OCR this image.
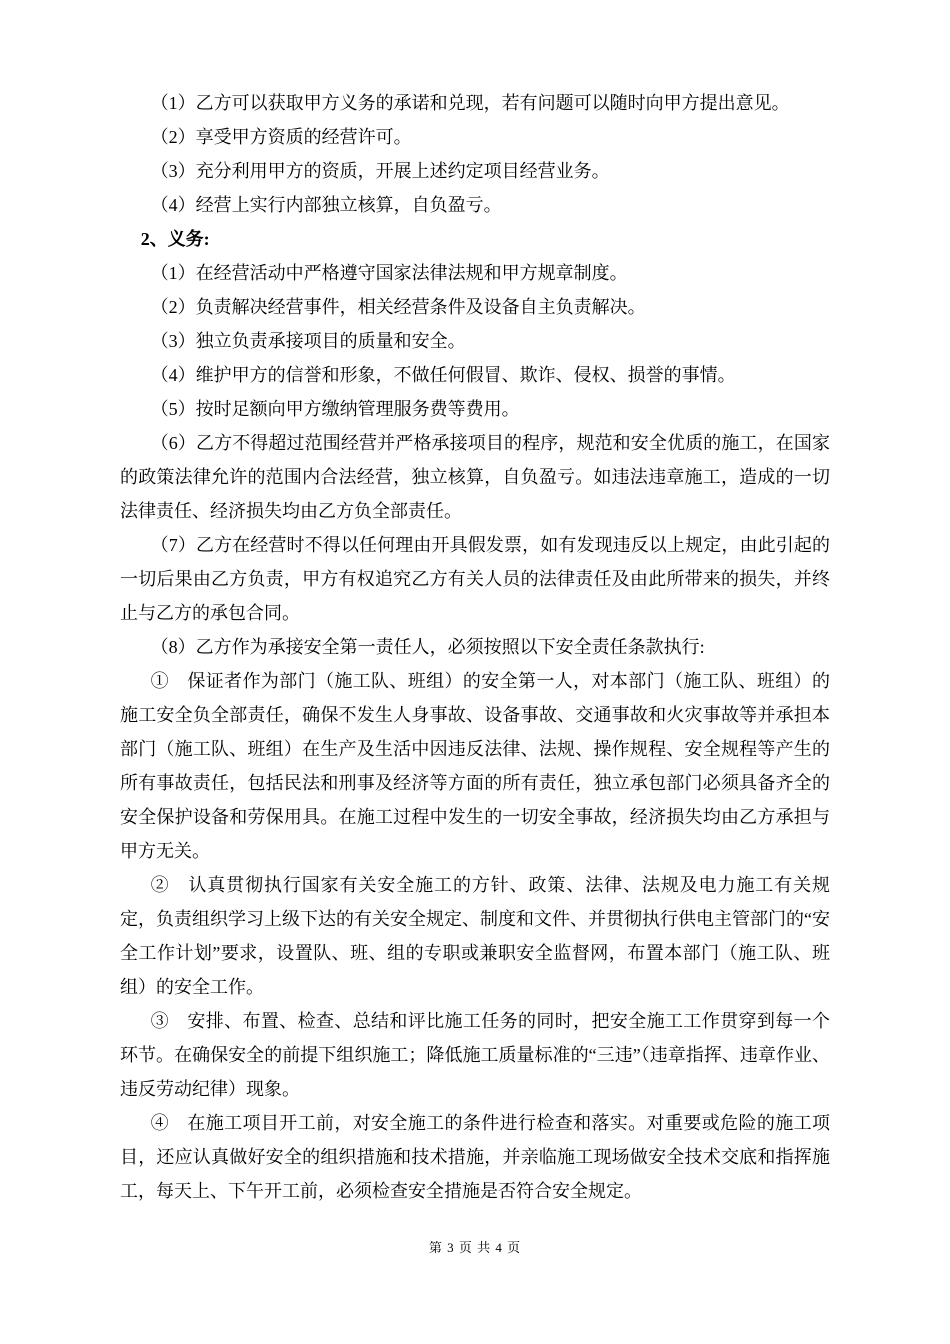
（1）乙方可以获取甲方义务的承诺和兑现，若有问题可以随时向甲方提出意见。

（2）享受甲方资质的经营许可。

（3）充分利用甲方的资质，开展上述约定项目经营业务。

（4）经营上实行内部独立核算，自负盈亏。

2、义务:

（1）在经营活动中严格遵守国家法律法规和甲方规章制度。

（2）负责解决经营事件，相关经营条件及设备自主负责解决。

（3）独立负责承接项目的质量和安全。

（4）维护甲方的信誉和形象，不做任何假冒、欺诈、侵权、损誉的事情。

（5）按时足额向甲方缴纳管理服务费等费用。

（6）乙方不得超过范围经营并严格承接项目的程序，规范和安全优质的施工，在国家的政策法律允许的范围内合法经营，独立核算，自负盈亏。如违法违章施工，造成的一切法律责任、经济损失均由乙方负全部责任。

（7）乙方在经营时不得以任何理由开具假发票，如有发现违反以上规定，由此引起的一切后果由乙方负责，甲方有权追究乙方有关人员的法律责任及由此所带来的损失，并终止与乙方的承包合同。

（8）乙方作为承接安全第一责任人，必须按照以下安全责任条款执行:

①　保证者作为部门（施工队、班组）的安全第一人，对本部门（施工队、班组）的施工安全负全部责任，确保不发生人身事故、设备事故、交通事故和火灾事故等并承担本部门（施工队、班组）在生产及生活中因违反法律、法规、操作规程、安全规程等产生的所有事故责任，包括民法和刑事及经济等方面的所有责任，独立承包部门必须具备齐全的安全保护设备和劳保用具。在施工过程中发生的一切安全事故，经济损失均由乙方承担与甲方无关。

②　认真贯彻执行国家有关安全施工的方针、政策、法律、法规及电力施工有关规定，负责组织学习上级下达的有关安全规定、制度和文件、并贯彻执行供电主管部门的“安全工作计划”要求，设置队、班、组的专职或兼职安全监督网，布置本部门（施工队、班组）的安全工作。

③　安排、布置、检查、总结和评比施工任务的同时，把安全施工工作贯穿到每一个环节。在确保安全的前提下组织施工；降低施工质量标准的“三违”（违章指挥、违章作业、违反劳动纪律）现象。

④　在施工项目开工前，对安全施工的条件进行检查和落实。对重要或危险的施工项目，还应认真做好安全的组织措施和技术措施，并亲临施工现场做安全技术交底和指挥施工，每天上、下午开工前，必须检查安全措施是否符合安全规定。

第 3 页 共 4 页
